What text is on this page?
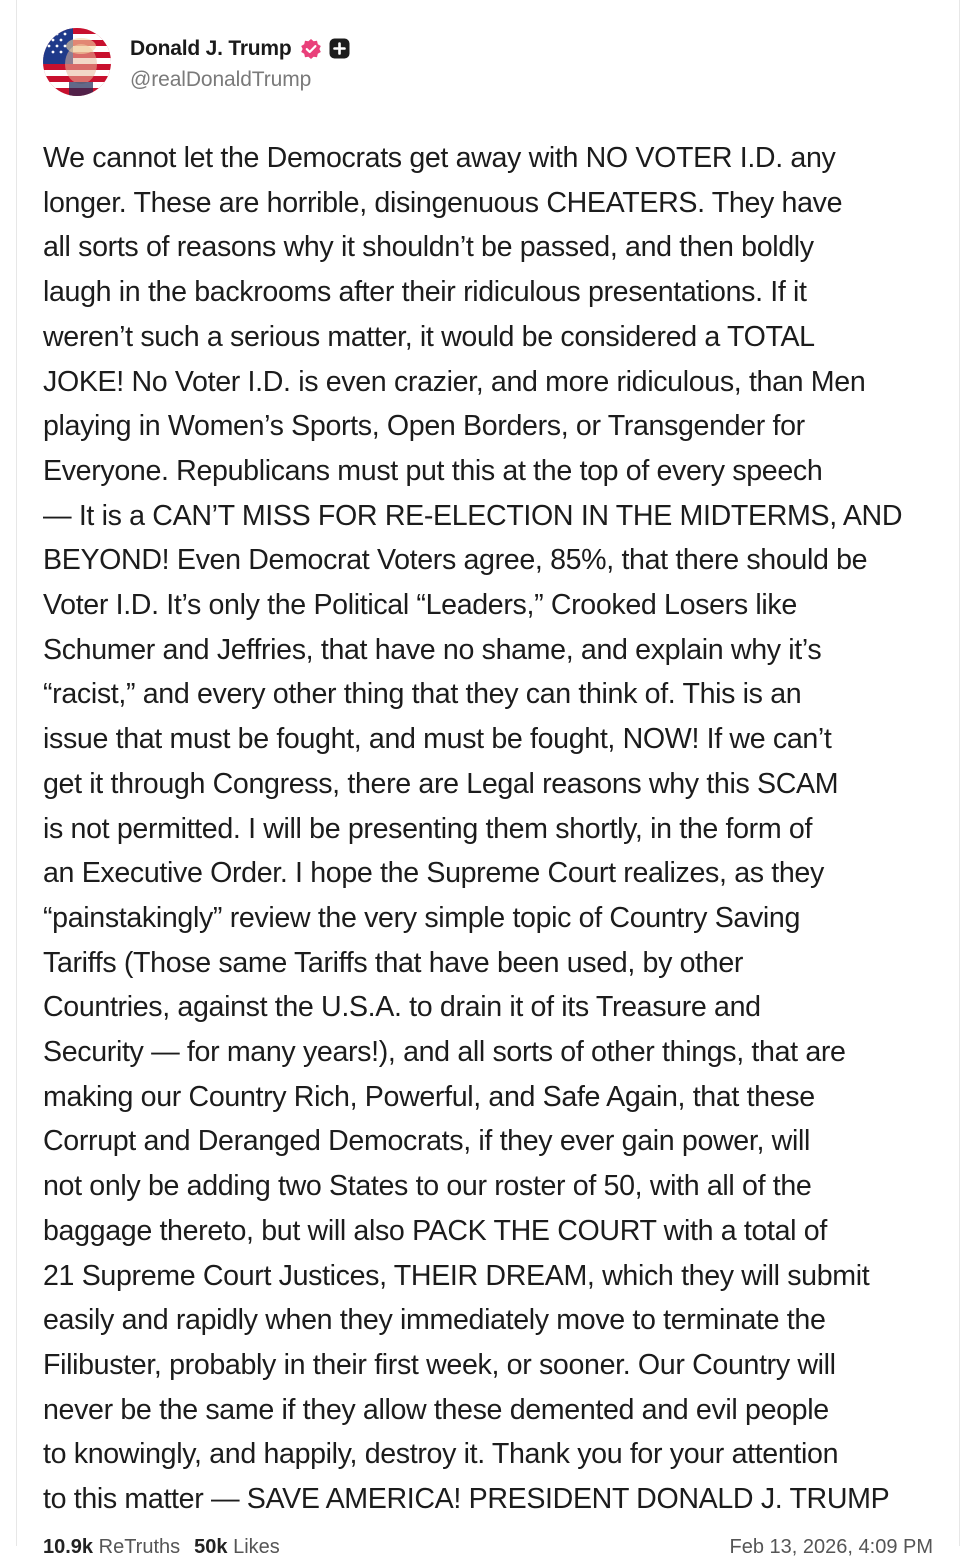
Donald J. Trump
@realDonaldTrump
We cannot let the Democrats get away with NO VOTER I.D. any
longer. These are horrible, disingenuous CHEATERS. They have
all sorts of reasons why it shouldn’t be passed, and then boldly
laugh in the backrooms after their ridiculous presentations. If it
weren’t such a serious matter, it would be considered a TOTAL
JOKE! No Voter I.D. is even crazier, and more ridiculous, than Men
playing in Women’s Sports, Open Borders, or Transgender for
Everyone. Republicans must put this at the top of every speech
— It is a CAN’T MISS FOR RE-ELECTION IN THE MIDTERMS, AND
BEYOND! Even Democrat Voters agree, 85%, that there should be
Voter I.D. It’s only the Political “Leaders,” Crooked Losers like
Schumer and Jeffries, that have no shame, and explain why it’s
“racist,” and every other thing that they can think of. This is an
issue that must be fought, and must be fought, NOW! If we can’t
get it through Congress, there are Legal reasons why this SCAM
is not permitted. I will be presenting them shortly, in the form of
an Executive Order. I hope the Supreme Court realizes, as they
“painstakingly” review the very simple topic of Country Saving
Tariffs (Those same Tariffs that have been used, by other
Countries, against the U.S.A. to drain it of its Treasure and
Security — for many years!), and all sorts of other things, that are
making our Country Rich, Powerful, and Safe Again, that these
Corrupt and Deranged Democrats, if they ever gain power, will
not only be adding two States to our roster of 50, with all of the
baggage thereto, but will also PACK THE COURT with a total of
21 Supreme Court Justices, THEIR DREAM, which they will submit
easily and rapidly when they immediately move to terminate the
Filibuster, probably in their first week, or sooner. Our Country will
never be the same if they allow these demented and evil people
to knowingly, and happily, destroy it. Thank you for your attention
to this matter — SAVE AMERICA! PRESIDENT DONALD J. TRUMP
10.9k ReTruths 50k Likes	Feb 13, 2026, 4:09 PM
